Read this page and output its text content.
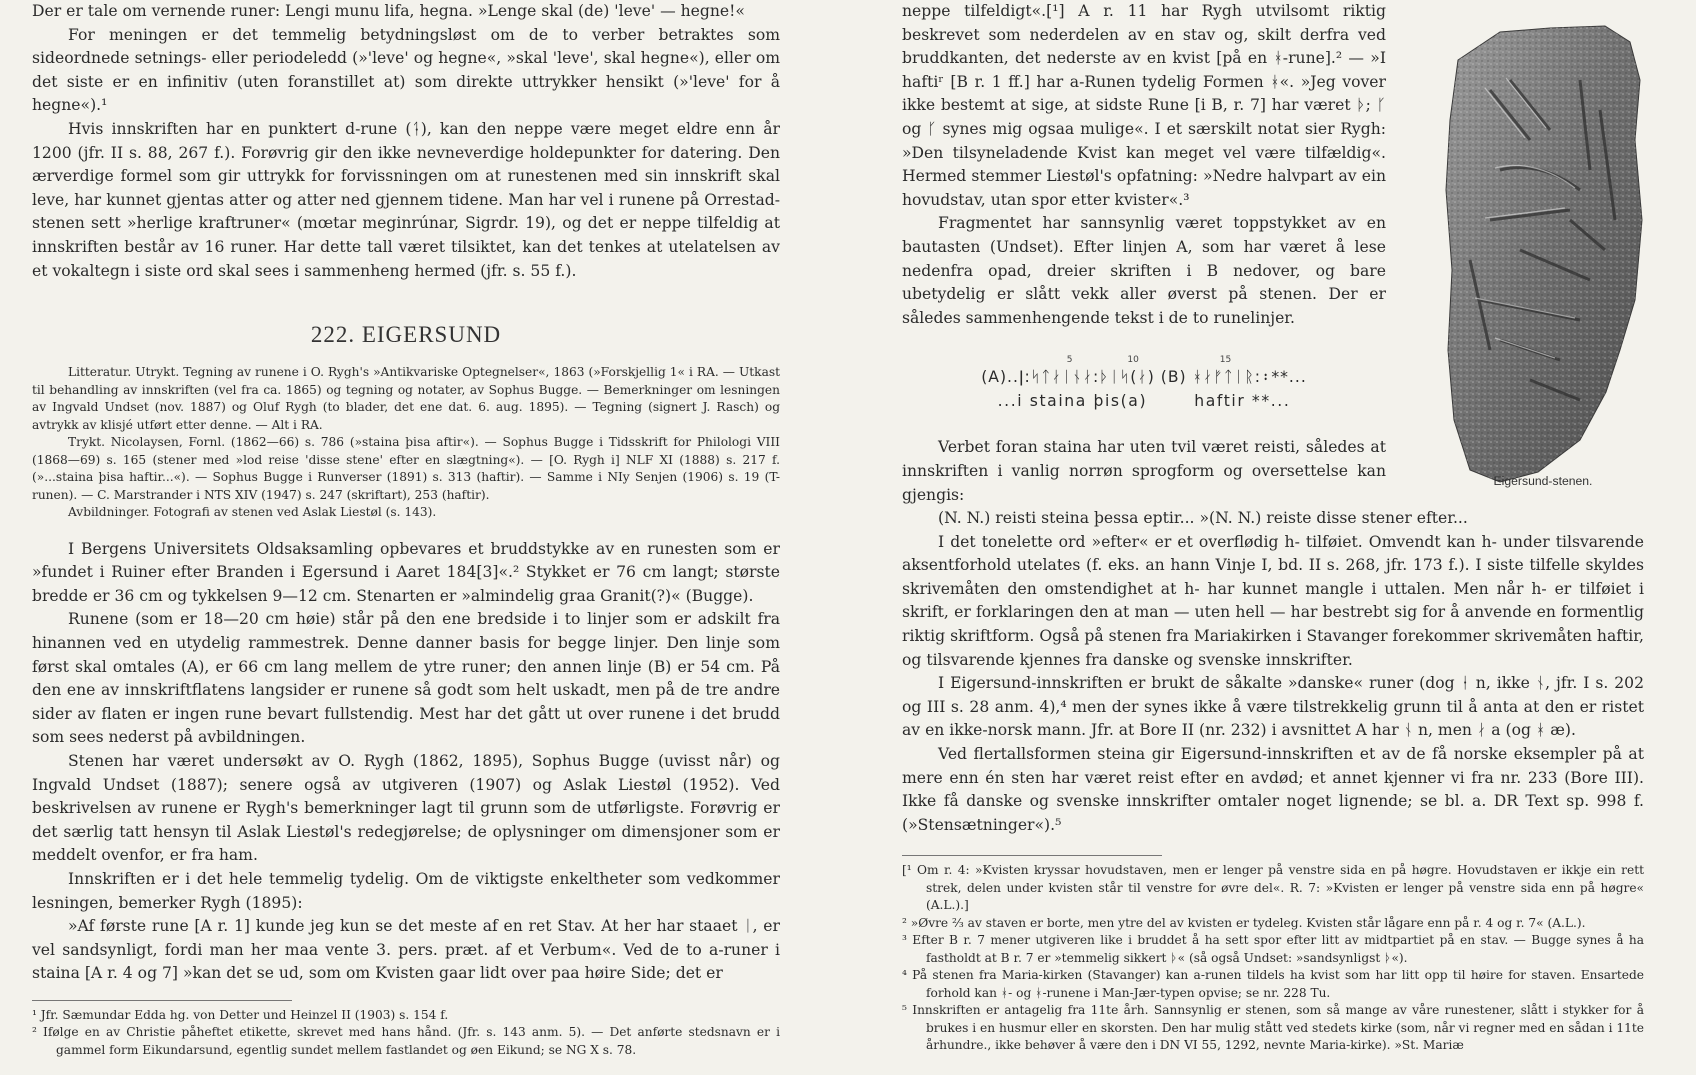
Der er tale om vernende runer: Lengi munu lifa, hegna. »Lenge skal (de) 'leve' — hegne!«

For meningen er det temmelig betydningsløst om de to verber betraktes som sideordnede setnings- eller periodeledd (»'leve' og hegne«, »skal 'leve', skal hegne«), eller om det siste er en infinitiv (uten foranstillet at) som direkte uttrykker hensikt (»'leve' for å hegne«).¹

Hvis innskriften har en punktert d-rune (ᛑ), kan den neppe være meget eldre enn år 1200 (jfr. II s. 88, 267 f.). Forøvrig gir den ikke nevneverdige holdepunkter for datering. Den ærverdige formel som gir uttrykk for forvissningen om at runestenen med sin innskrift skal leve, har kunnet gjentas atter og atter ned gjennem tidene. Man har vel i runene på Orrestad-stenen sett »herlige kraftruner« (mœtar meginrúnar, Sigrdr. 19), og det er neppe tilfeldig at innskriften består av 16 runer. Har dette tall været tilsiktet, kan det tenkes at utelatelsen av et vokaltegn i siste ord skal sees i sammenheng hermed (jfr. s. 55 f.).

222. EIGERSUND

Litteratur. Utrykt. Tegning av runene i O. Rygh's »Antikvariske Optegnelser«, 1863 (»Forskjellig 1« i RA. — Utkast til behandling av innskriften (vel fra ca. 1865) og tegning og notater, av Sophus Bugge. — Bemerkninger om lesningen av Ingvald Undset (nov. 1887) og Oluf Rygh (to blader, det ene dat. 6. aug. 1895). — Tegning (signert J. Rasch) og avtrykk av klisjé utført etter denne. — Alt i RA.

Trykt. Nicolaysen, Fornl. (1862—66) s. 786 (»staina þisa aftir«). — Sophus Bugge i Tidsskrift for Philologi VIII (1868—69) s. 165 (stener med »lod reise 'disse stene' efter en slægtning«). — [O. Rygh i] NLF XI (1888) s. 217 f. (»...staina þisa haftir...«). — Sophus Bugge i Runverser (1891) s. 313 (haftir). — Samme i NIy Senjen (1906) s. 19 (T-runen). — C. Marstrander i NTS XIV (1947) s. 247 (skriftart), 253 (haftir).

Avbildninger. Fotografi av stenen ved Aslak Liestøl (s. 143).

I Bergens Universitets Oldsaksamling opbevares et bruddstykke av en runesten som er »fundet i Ruiner efter Branden i Egersund i Aaret 184[3]«.² Stykket er 76 cm langt; største bredde er 36 cm og tykkelsen 9—12 cm. Stenarten er »almindelig graa Granit(?)« (Bugge).

Runene (som er 18—20 cm høie) står på den ene bredside i to linjer som er adskilt fra hinannen ved en utydelig rammestrek. Denne danner basis for begge linjer. Den linje som først skal omtales (A), er 66 cm lang mellem de ytre runer; den annen linje (B) er 54 cm. På den ene av innskriftflatens langsider er runene så godt som helt uskadt, men på de tre andre sider av flaten er ingen rune bevart fullstendig. Mest har det gått ut over runene i det brudd som sees nederst på avbildningen.

Stenen har været undersøkt av O. Rygh (1862, 1895), Sophus Bugge (uvisst når) og Ingvald Undset (1887); senere også av utgiveren (1907) og Aslak Liestøl (1952). Ved beskrivelsen av runene er Rygh's bemerkninger lagt til grunn som de utførligste. Forøvrig er det særlig tatt hensyn til Aslak Liestøl's redegjørelse; de oplysninger om dimensjoner som er meddelt ovenfor, er fra ham.

Innskriften er i det hele temmelig tydelig. Om de viktigste enkeltheter som vedkommer lesningen, bemerker Rygh (1895):

»Af første rune [A r. 1] kunde jeg kun se det meste af en ret Stav. At her har staaet ᛁ, er vel sandsynligt, fordi man her maa vente 3. pers. præt. af et Verbum«. Ved de to a-runer i staina [A r. 4 og 7] »kan det se ud, som om Kvisten gaar lidt over paa høire Side; det er

¹ Jfr. Sæmundar Edda hg. von Detter und Heinzel II (1903) s. 154 f.

² Ifølge en av Christie påheftet etikette, skrevet med hans hånd. (Jfr. s. 143 anm. 5). — Det anførte stedsnavn er i gammel form Eikundarsund, egentlig sundet mellem fastlandet og øen Eikund; se NG X s. 78.

neppe tilfeldigt«.[¹] A r. 11 har Rygh utvilsomt riktig beskrevet som nederdelen av en stav og, skilt derfra ved bruddkanten, det nederste av en kvist [på en ᚼ-rune].² — »I haftiʳ [B r. 1 ff.] har a-Runen tydelig Formen ᚼ«. »Jeg vover ikke bestemt at sige, at sidste Rune [i B, r. 7] har været ᚦ; ᚴ og ᚴ synes mig ogsaa mulige«. I et særskilt notat sier Rygh: »Den tilsyneladende Kvist kan meget vel være tilfældig«. Hermed stemmer Liestøl's opfatning: »Nedre halvpart av ein hovudstav, utan spor etter kvister«.³

Fragmentet har sannsynlig været toppstykket av en bautasten (Undset). Efter linjen A, som har været å lese nedenfra opad, dreier skriften i B nedover, og bare ubetydelig er slått vekk aller øverst på stenen. Der er således sammenhengende tekst i de to runelinjer.

5	10	15
(A)..ǀ:ᛋᛏᛅᛁᚾᛅ:ᚦᛁᛋ(ᛅ) (B) ᚼᛅᚠᛏᛁᚱ:᛬**...
...i staina þis(a)	haftir **...

Verbet foran staina har uten tvil været reisti, således at innskriften i vanlig norrøn sprogform og oversettelse kan gjengis:

(N. N.) reisti steina þessa eptir... »(N. N.) reiste disse stener efter...

I det tonelette ord »efter« er et overflødig h- tilføiet. Omvendt kan h- under tilsvarende aksentforhold utelates (f. eks. an hann Vinje I, bd. II s. 268, jfr. 173 f.). I siste tilfelle skyldes skrivemåten den omstendighet at h- har kunnet mangle i uttalen. Men når h- er tilføiet i skrift, er forklaringen den at man — uten hell — har bestrebt sig for å anvende en formentlig riktig skriftform. Også på stenen fra Mariakirken i Stavanger forekommer skrivemåten haftir, og tilsvarende kjennes fra danske og svenske innskrifter.

I Eigersund-innskriften er brukt de såkalte »danske« runer (dog ᚽ n, ikke ᚾ, jfr. I s. 202 og III s. 28 anm. 4),⁴ men der synes ikke å være tilstrekkelig grunn til å anta at den er ristet av en ikke-norsk mann. Jfr. at Bore II (nr. 232) i avsnittet A har ᚾ n, men ᛅ a (og ᚼ æ).

Ved flertallsformen steina gir Eigersund-innskriften et av de få norske eksempler på at mere enn én sten har været reist efter en avdød; et annet kjenner vi fra nr. 233 (Bore III). Ikke få danske og svenske innskrifter omtaler noget lignende; se bl. a. DR Text sp. 998 f. (»Stensætninger«).⁵

[¹ Om r. 4: »Kvisten kryssar hovudstaven, men er lenger på venstre sida en på høgre. Hovudstaven er ikkje ein rett strek, delen under kvisten står til venstre for øvre del«. R. 7: »Kvisten er lenger på venstre sida enn på høgre« (A.L.).]

² »Øvre ²⁄₃ av staven er borte, men ytre del av kvisten er tydeleg. Kvisten står lågare enn på r. 4 og r. 7« (A.L.).

³ Efter B r. 7 mener utgiveren like i bruddet å ha sett spor efter litt av midtpartiet på en stav. — Bugge synes å ha fastholdt at B r. 7 er »temmelig sikkert ᚦ« (så også Undset: »sandsynligst ᚦ«).

⁴ På stenen fra Maria-kirken (Stavanger) kan a-runen tildels ha kvist som har litt opp til høire for staven. Ensartede forhold kan ᚼ- og ᚼ-runene i Man-Jær-typen opvise; se nr. 228 Tu.

⁵ Innskriften er antagelig fra 11te årh. Sannsynlig er stenen, som så mange av våre runestener, slått i stykker for å brukes i en husmur eller en skorsten. Den har mulig stått ved stedets kirke (som, når vi regner med en sådan i 11te århundre., ikke behøver å være den i DN VI 55, 1292, nevnte Maria-kirke). »St. Mariæ

Eigersund-stenen.
